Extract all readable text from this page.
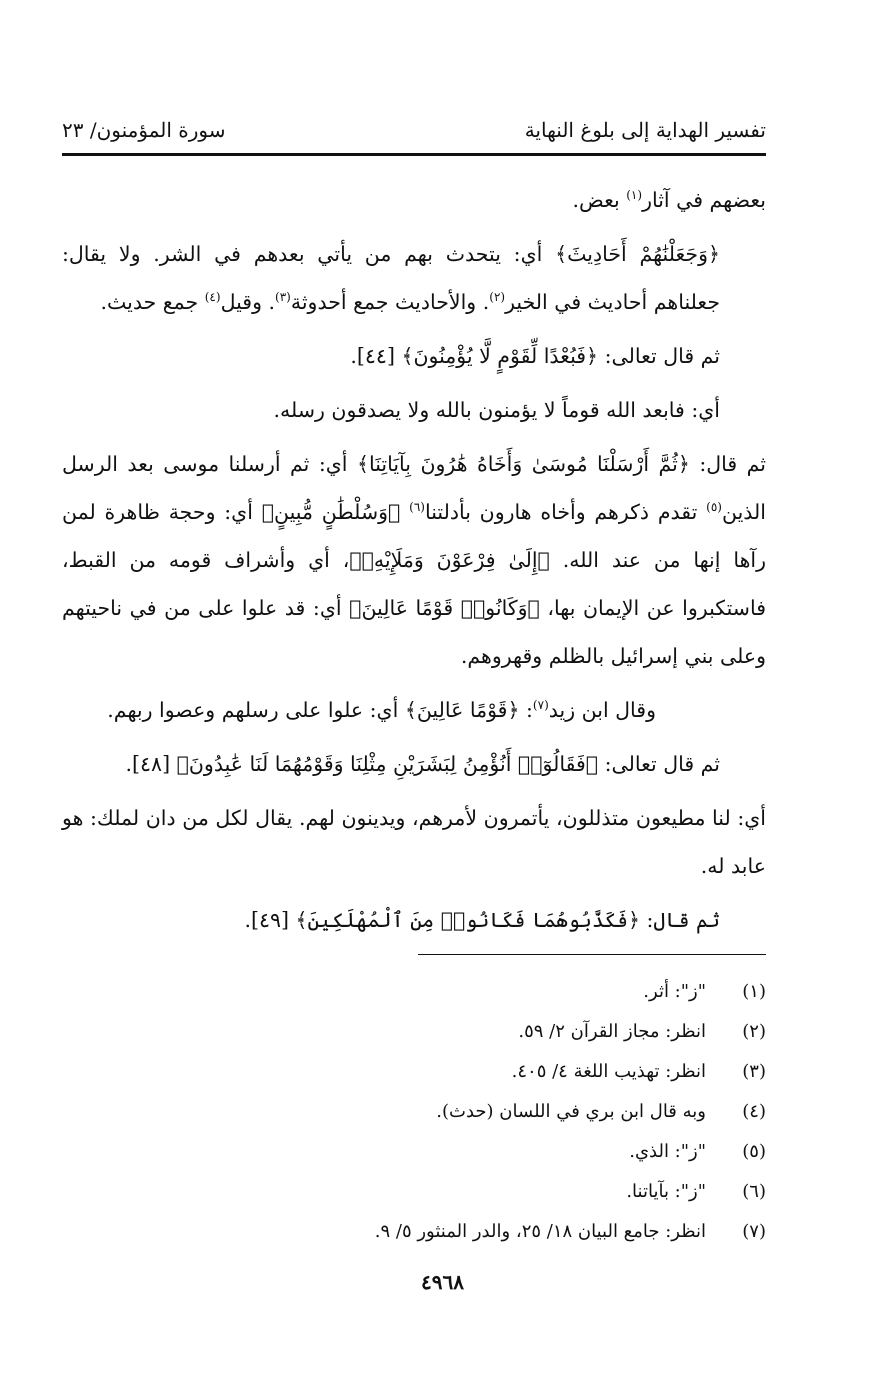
تفسير الهداية إلى بلوغ النهاية
سورة المؤمنون/ ٢٣

بعضهم في آثار$^{(١)}$ بعض.

﴿وَجَعَلْنَٰهُمْ أَحَادِيثَ﴾ أي: يتحدث بهم من يأتي بعدهم في الشر. ولا يقال: جعلناهم أحاديث في الخير$^{(٢)}$. والأحاديث جمع أحدوثة$^{(٣)}$. وقيل$^{(٤)}$ جمع حديث.

ثم قال تعالى: ﴿فَبُعْدًا لِّقَوْمٍ لَّا يُؤْمِنُونَ﴾ [٤٤].

أي: فابعد الله قوماً لا يؤمنون بالله ولا يصدقون رسله.

ثم قال: ﴿ثُمَّ أَرْسَلْنَا مُوسَىٰ وَأَخَاهُ هَٰرُونَ بِآيَاتِنَا﴾ أي: ثم أرسلنا موسى بعد الرسل الذين$^{(٥)}$ تقدم ذكرهم وأخاه هارون بأدلتنا$^{(٦)}$ ﴿وَسُلْطَٰنٍ مُّبِينٍ﴾ أي: وحجة ظاهرة لمن رآها إنها من عند الله. ﴿إِلَىٰ فِرْعَوْنَ وَمَلَإِيْهِۦ﴾، أي وأشراف قومه من القبط، فاستكبروا عن الإيمان بها، ﴿وَكَانُوا۟ قَوْمًا عَالِينَ﴾ أي: قد علوا على من في ناحيتهم وعلى بني إسرائيل بالظلم وقهروهم.

وقال ابن زيد$^{(٧)}$: ﴿قَوْمًا عَالِينَ﴾ أي: علوا على رسلهم وعصوا ربهم.

ثم قال تعالى: ﴿فَقَالُوٓا۟ أَنُؤْمِنُ لِبَشَرَيْنِ مِثْلِنَا وَقَوْمُهُمَا لَنَا عَٰبِدُونَ﴾ [٤٨].

أي: لنا مطيعون متذللون، يأتمرون لأمرهم، ويدينون لهم. يقال لكل من دان لملك: هو عابد له.

ثم قال: ﴿فَكَذَّبُوهُمَا فَكَانُوا۟ مِنَ ٱلْمُهْلَكِينَ﴾ [٤٩].

(١)
"ز": أثر.
(٢)
انظر: مجاز القرآن ٢/ ٥٩.
(٣)
انظر: تهذيب اللغة ٤/ ٤٠٥.
(٤)
وبه قال ابن بري في اللسان (حدث).
(٥)
"ز": الذي.
(٦)
"ز": بآياتنا.
(٧)
انظر: جامع البيان ١٨/ ٢٥، والدر المنثور ٥/ ٩.
٤٩٦٨
